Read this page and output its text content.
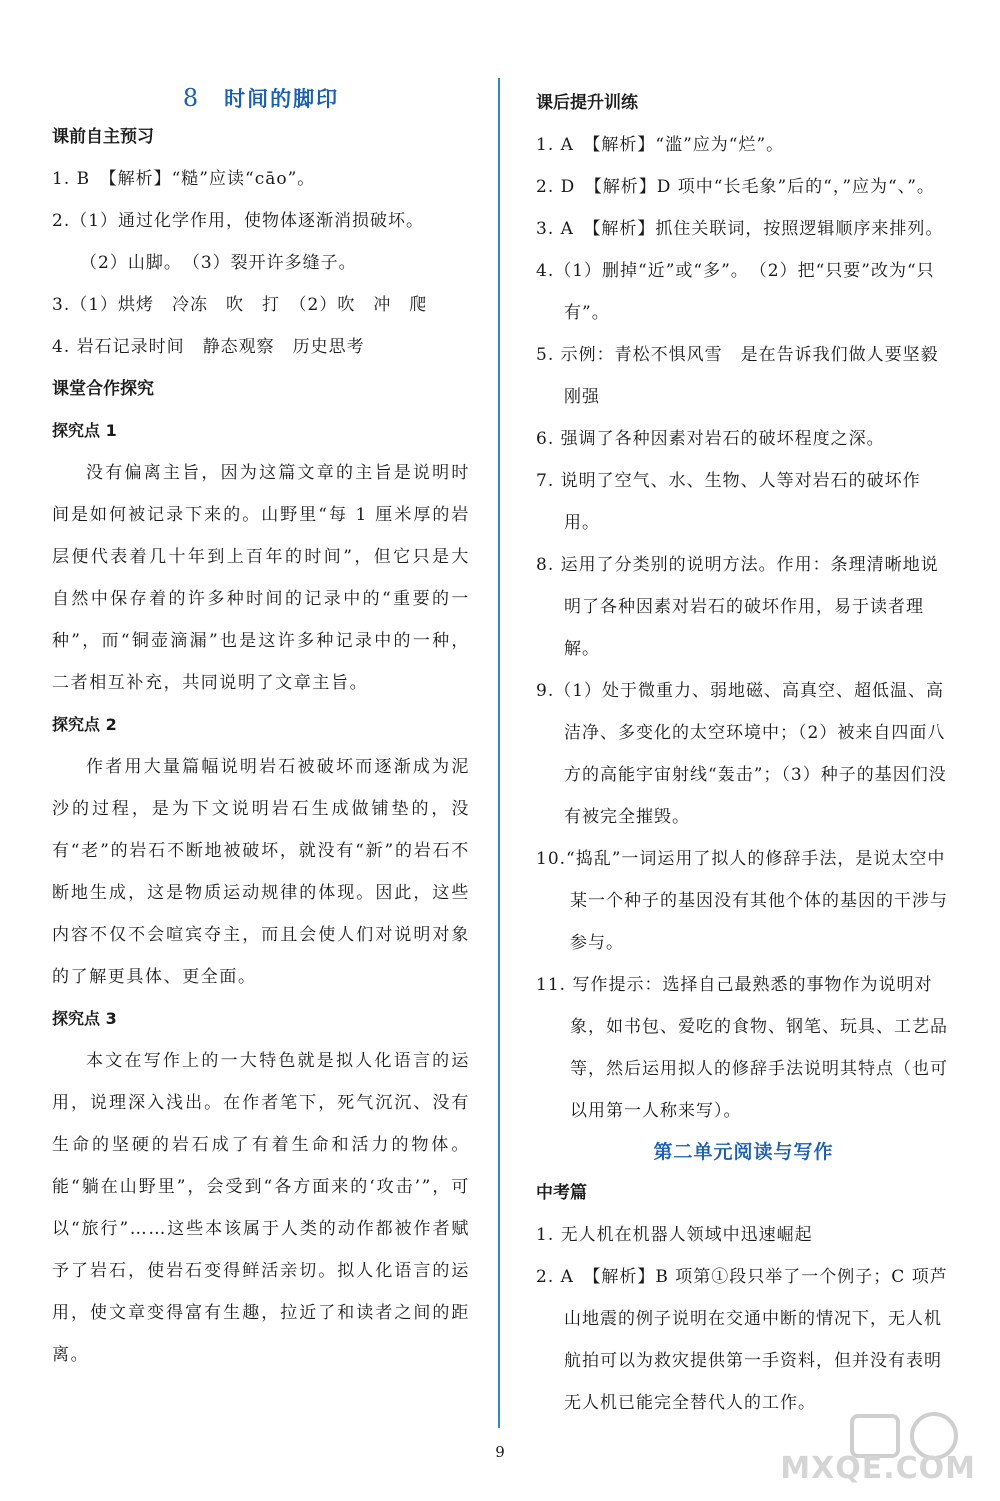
8 时间的脚印
课前自主预习
1. B　【解析】“糙”应读“cāo”。
2.（1）通过化学作用，使物体逐渐消损破坏。
（2）山脚。　（3）裂开许多缝子。
3.（1）烘烤　冷冻　吹　打　（2）吹　冲　爬
4. 岩石记录时间　静态观察　历史思考
课堂合作探究
探究点 1
没有偏离主旨，因为这篇文章的主旨是说明时间是如何被记录下来的。山野里“每 1 厘米厚的岩层便代表着几十年到上百年的时间”，但它只是大自然中保存着的许多种时间的记录中的“重要的一种”，而“铜壶滴漏”也是这许多种记录中的一种，二者相互补充，共同说明了文章主旨。
探究点 2
作者用大量篇幅说明岩石被破坏而逐渐成为泥沙的过程，是为下文说明岩石生成做铺垫的，没有“老”的岩石不断地被破坏，就没有“新”的岩石不断地生成，这是物质运动规律的体现。因此，这些内容不仅不会喧宾夺主，而且会使人们对说明对象的了解更具体、更全面。
探究点 3
本文在写作上的一大特色就是拟人化语言的运用，说理深入浅出。在作者笔下，死气沉沉、没有生命的坚硬的岩石成了有着生命和活力的物体。能“躺在山野里”，会受到“各方面来的‘攻击’”，可以“旅行”……这些本该属于人类的动作都被作者赋予了岩石，使岩石变得鲜活亲切。拟人化语言的运用，使文章变得富有生趣，拉近了和读者之间的距离。
课后提升训练
1. A　【解析】“滥”应为“烂”。
2. D　【解析】D 项中“长毛象”后的“，”应为“、”。
3. A　【解析】抓住关联词，按照逻辑顺序来排列。
4.（1）删掉“近”或“多”。　（2）把“只要”改为“只有”。
5. 示例：青松不惧风雪　是在告诉我们做人要坚毅刚强
6. 强调了各种因素对岩石的破坏程度之深。
7. 说明了空气、水、生物、人等对岩石的破坏作用。
8. 运用了分类别的说明方法。作用：条理清晰地说明了各种因素对岩石的破坏作用，易于读者理解。
9.（1）处于微重力、弱地磁、高真空、超低温、高洁净、多变化的太空环境中；（2）被来自四面八方的高能宇宙射线“轰击”；（3）种子的基因们没有被完全摧毁。
10.“捣乱”一词运用了拟人的修辞手法，是说太空中某一个种子的基因没有其他个体的基因的干涉与参与。
11. 写作提示：选择自己最熟悉的事物作为说明对象，如书包、爱吃的食物、钢笔、玩具、工艺品等，然后运用拟人的修辞手法说明其特点（也可以用第一人称来写）。
第二单元阅读与写作
中考篇
1. 无人机在机器人领域中迅速崛起
2. A　【解析】B 项第①段只举了一个例子；C 项芦山地震的例子说明在交通中断的情况下，无人机航拍可以为救灾提供第一手资料，但并没有表明无人机已能完全替代人的工作。
9	MXQE.COM
